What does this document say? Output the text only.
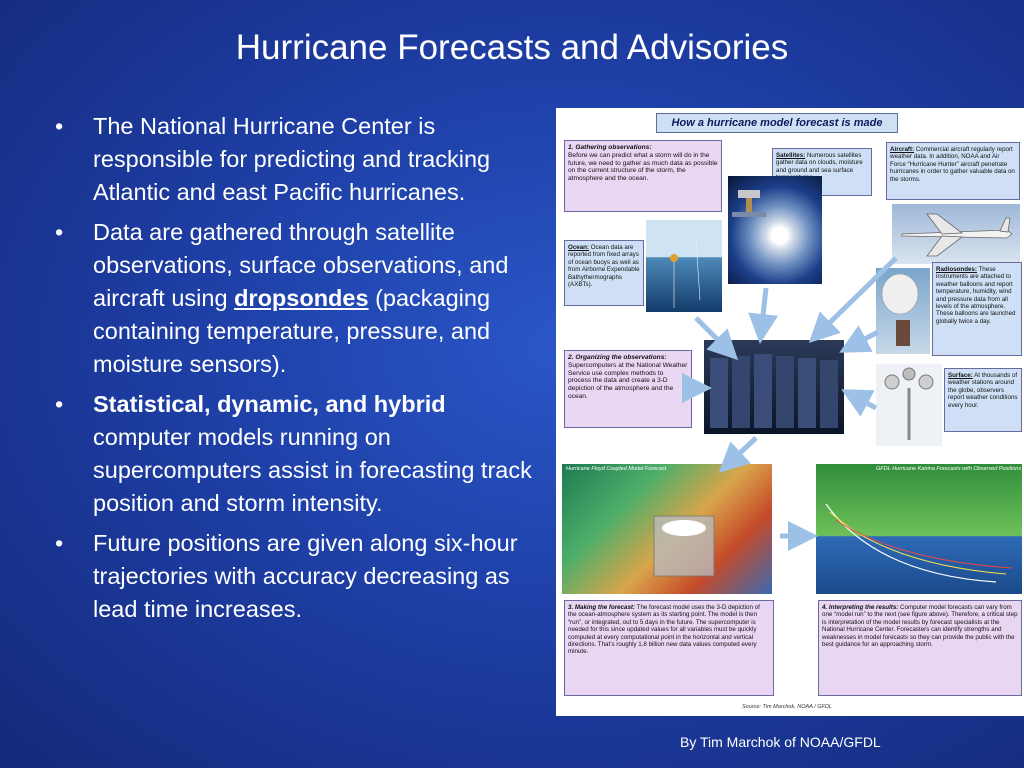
Hurricane Forecasts and Advisories
• The National Hurricane Center is responsible for predicting and tracking Atlantic and east Pacific hurricanes.
• Data are gathered through satellite observations, surface observations, and aircraft using dropsondes (packaging containing temperature, pressure, and moisture sensors).
• Statistical, dynamic, and hybrid computer models running on supercomputers assist in forecasting track position and storm intensity.
• Future positions are given along six-hour trajectories with accuracy decreasing as lead time increases.
How a hurricane model forecast is made
1. Gathering observations:
Before we can predict what a storm will do in the future, we need to gather as much data as possible on the current structure of the storm, the atmosphere and the ocean.
Satellites: Numerous satellites gather data on clouds, moisture and ground and sea surface
Aircraft: Commercial aircraft regularly report weather data. In addition, NOAA and Air Force “Hurricane Hunter” aircraft penetrate hurricanes in order to gather valuable data on the storms.
Ocean: Ocean data are reported from fixed arrays of ocean buoys as well as from Airborne Expendable Bathythermographs (AXBTs).
Radiosondes: These instruments are attached to weather balloons and report temperature, humidity, wind and pressure data from all levels of the atmosphere. These balloons are launched globally twice a day.
2. Organizing the observations:
Supercomputers at the National Weather Service use complex methods to process the data and create a 3-D depiction of the atmosphere and the ocean.
Surface: At thousands of weather stations around the globe, observers report weather conditions every hour.
Hurricane Floyd Coupled Model Forecast	GFDL Hurricane Katrina Forecasts with Observed Positions
3. Making the forecast: The forecast model uses the 3-D depiction of the ocean-atmosphere system as its starting point. The model is then “run”, or integrated, out to 5 days in the future. The supercomputer is needed for this since updated values for all variables must be quickly computed at every computational point in the horizontal and vertical directions. That’s roughly 1.8 billion new data values computed every minute.
4. Interpreting the results: Computer model forecasts can vary from one “model run” to the next (see figure above). Therefore, a critical step is interpretation of the model results by forecast specialists at the National Hurricane Center. Forecasters can identify strengths and weaknesses in model forecasts so they can provide the public with the best guidance for an approaching storm.
Source: Tim Marchok, NOAA / GFDL
By Tim Marchok of NOAA/GFDL
